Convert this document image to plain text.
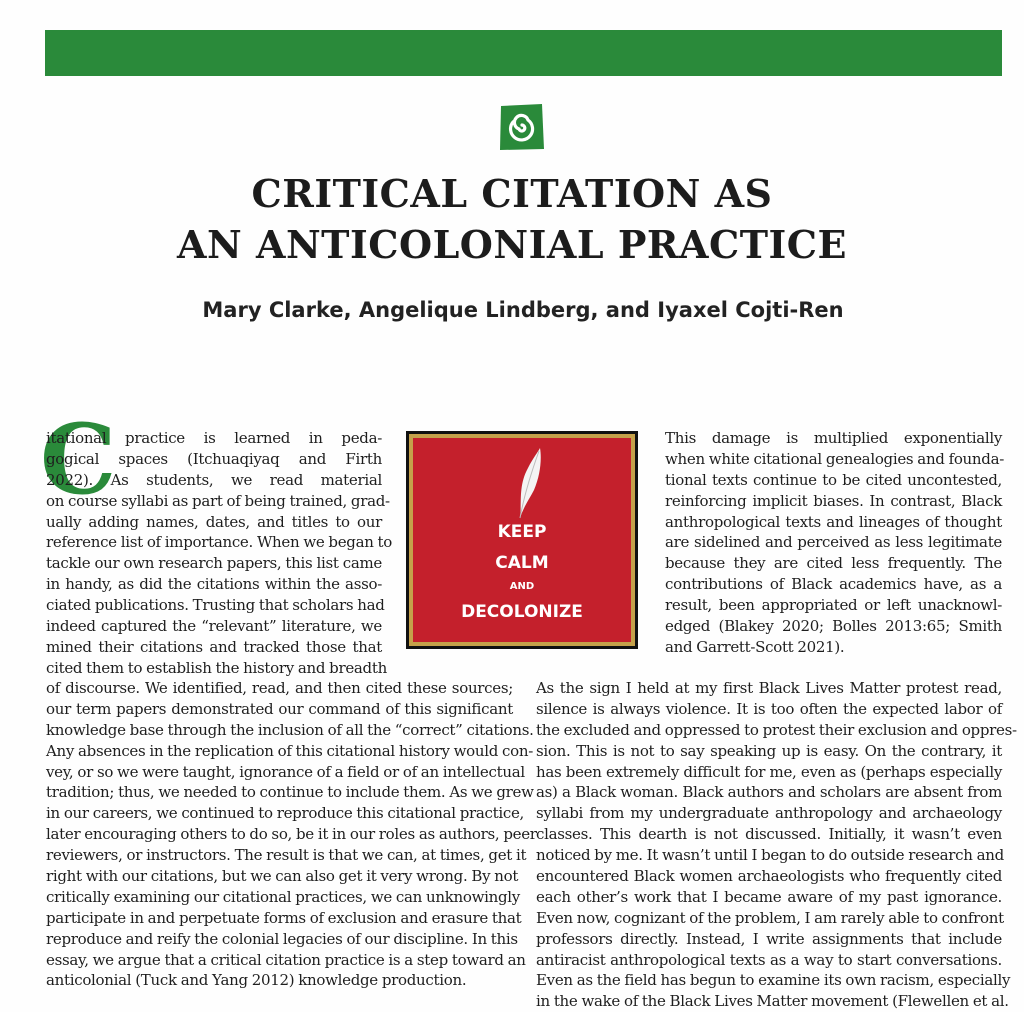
CRITICAL CITATION AS
AN ANTICOLONIAL PRACTICE
Mary Clarke, Angelique Lindberg, and Iyaxel Cojti-Ren
C
itational practice is learned in peda-
gogical spaces (Itchuaqiyaq and Firth
2022). As students, we read material
on course syllabi as part of being trained, grad-
ually adding names, dates, and titles to our
reference list of importance. When we began to
tackle our own research papers, this list came
in handy, as did the citations within the asso-
ciated publications. Trusting that scholars had
indeed captured the “relevant” literature, we
mined their citations and tracked those that
cited them to establish the history and breadth
of discourse. We identified, read, and then cited these sources;
our term papers demonstrated our command of this significant
knowledge base through the inclusion of all the “correct” citations.
Any absences in the replication of this citational history would con-
vey, or so we were taught, ignorance of a field or of an intellectual
tradition; thus, we needed to continue to include them. As we grew
in our careers, we continued to reproduce this citational practice,
later encouraging others to do so, be it in our roles as authors, peer
reviewers, or instructors. The result is that we can, at times, get it
right with our citations, but we can also get it very wrong. By not
critically examining our citational practices, we can unknowingly
participate in and perpetuate forms of exclusion and erasure that
reproduce and reify the colonial legacies of our discipline. In this
essay, we argue that a critical citation practice is a step toward an
anticolonial (Tuck and Yang 2012) knowledge production.
This damage is multiplied exponentially
when white citational genealogies and founda-
tional texts continue to be cited uncontested,
reinforcing implicit biases. In contrast, Black
anthropological texts and lineages of thought
are sidelined and perceived as less legitimate
because they are cited less frequently. The
contributions of Black academics have, as a
result, been appropriated or left unacknowl-
edged (Blakey 2020; Bolles 2013:65; Smith
and Garrett-Scott 2021).
As the sign I held at my first Black Lives Matter protest read,
silence is always violence. It is too often the expected labor of
the excluded and oppressed to protest their exclusion and oppres-
sion. This is not to say speaking up is easy. On the contrary, it
has been extremely difficult for me, even as (perhaps especially
as) a Black woman. Black authors and scholars are absent from
syllabi from my undergraduate anthropology and archaeology
classes. This dearth is not discussed. Initially, it wasn’t even
noticed by me. It wasn’t until I began to do outside research and
encountered Black women archaeologists who frequently cited
each other’s work that I became aware of my past ignorance.
Even now, cognizant of the problem, I am rarely able to confront
professors directly. Instead, I write assignments that include
antiracist anthropological texts as a way to start conversations.
Even as the field has begun to examine its own racism, especially
in the wake of the Black Lives Matter movement (Flewellen et al.
KEEP
CALM
AND
DECOLONIZE
